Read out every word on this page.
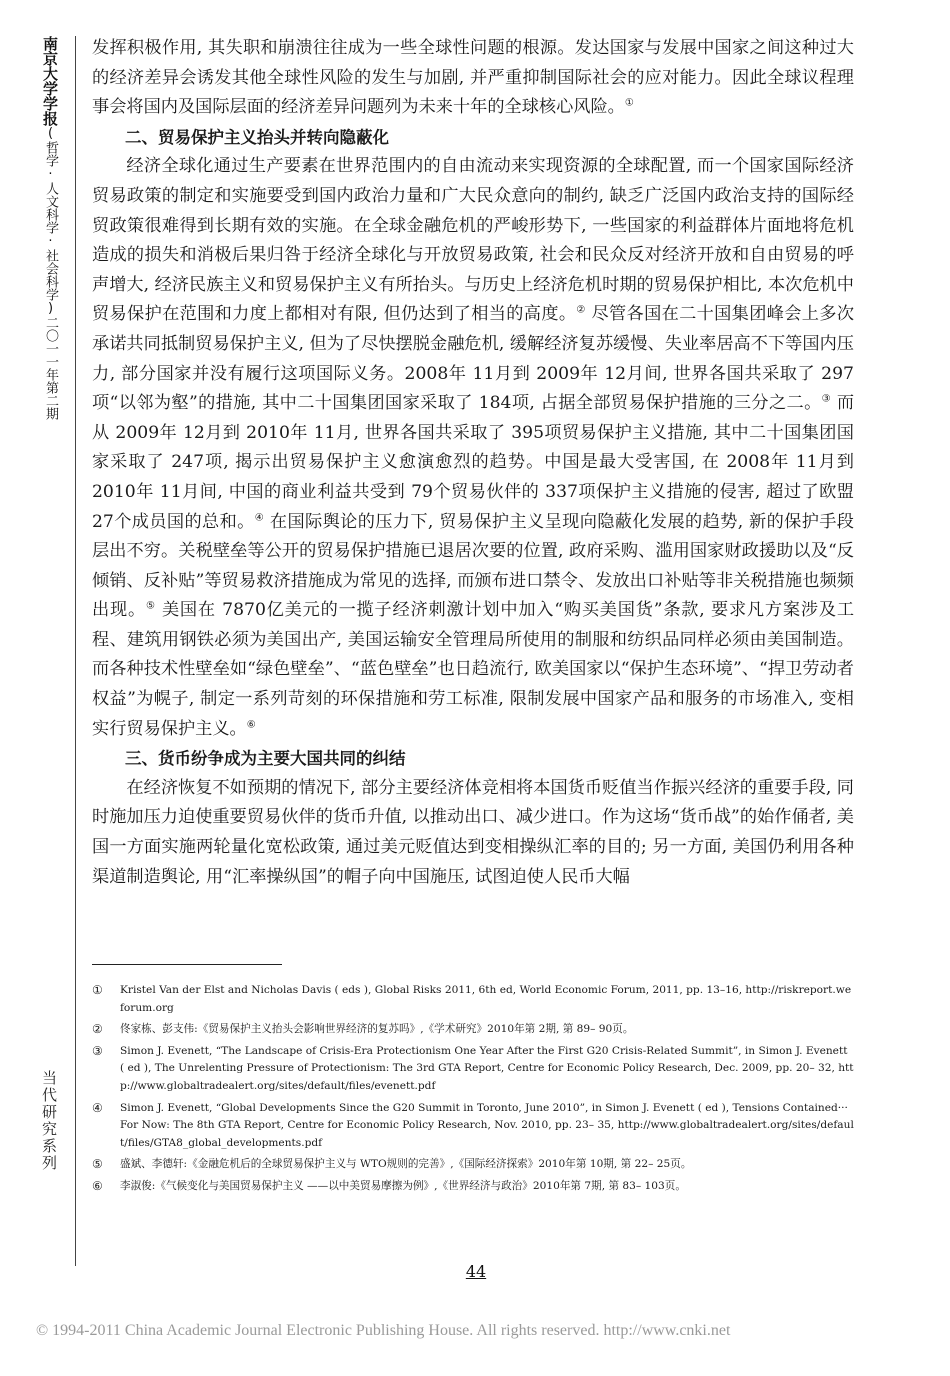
南京大学学报(哲学·人文科学·社会科学)二〇一一年第二期
当代研究系列

发挥积极作用, 其失职和崩溃往往成为一些全球性问题的根源。发达国家与发展中国家之间这种过大的经济差异会诱发其他全球性风险的发生与加剧, 并严重抑制国际社会的应对能力。因此全球议程理事会将国内及国际层面的经济差异问题列为未来十年的全球核心风险。①

二、贸易保护主义抬头并转向隐蔽化

经济全球化通过生产要素在世界范围内的自由流动来实现资源的全球配置, 而一个国家国际经济贸易政策的制定和实施要受到国内政治力量和广大民众意向的制约, 缺乏广泛国内政治支持的国际经贸政策很难得到长期有效的实施。在全球金融危机的严峻形势下, 一些国家的利益群体片面地将危机造成的损失和消极后果归咎于经济全球化与开放贸易政策, 社会和民众反对经济开放和自由贸易的呼声增大, 经济民族主义和贸易保护主义有所抬头。与历史上经济危机时期的贸易保护相比, 本次危机中贸易保护在范围和力度上都相对有限, 但仍达到了相当的高度。② 尽管各国在二十国集团峰会上多次承诺共同抵制贸易保护主义, 但为了尽快摆脱金融危机, 缓解经济复苏缓慢、失业率居高不下等国内压力, 部分国家并没有履行这项国际义务。2008年 11月到 2009年 12月间, 世界各国共采取了 297项“以邻为壑”的措施, 其中二十国集团国家采取了 184项, 占据全部贸易保护措施的三分之二。③ 而从 2009年 12月到 2010年 11月, 世界各国共采取了 395项贸易保护主义措施, 其中二十国集团国家采取了 247项, 揭示出贸易保护主义愈演愈烈的趋势。中国是最大受害国, 在 2008年 11月到 2010年 11月间, 中国的商业利益共受到 79个贸易伙伴的 337项保护主义措施的侵害, 超过了欧盟 27个成员国的总和。④ 在国际舆论的压力下, 贸易保护主义呈现向隐蔽化发展的趋势, 新的保护手段层出不穷。关税壁垒等公开的贸易保护措施已退居次要的位置, 政府采购、滥用国家财政援助以及“反倾销、反补贴”等贸易救济措施成为常见的选择, 而颁布进口禁令、发放出口补贴等非关税措施也频频出现。⑤ 美国在 7870亿美元的一揽子经济刺激计划中加入“购买美国货”条款, 要求凡方案涉及工程、建筑用钢铁必须为美国出产, 美国运输安全管理局所使用的制服和纺织品同样必须由美国制造。而各种技术性壁垒如“绿色壁垒”、“蓝色壁垒”也日趋流行, 欧美国家以“保护生态环境”、“捍卫劳动者权益”为幌子, 制定一系列苛刻的环保措施和劳工标准, 限制发展中国家产品和服务的市场准入, 变相实行贸易保护主义。⑥

三、货币纷争成为主要大国共同的纠结

在经济恢复不如预期的情况下, 部分主要经济体竞相将本国货币贬值当作振兴经济的重要手段, 同时施加压力迫使重要贸易伙伴的货币升值, 以推动出口、减少进口。作为这场“货币战”的始作俑者, 美国一方面实施两轮量化宽松政策, 通过美元贬值达到变相操纵汇率的目的; 另一方面, 美国仍利用各种渠道制造舆论, 用“汇率操纵国”的帽子向中国施压, 试图迫使人民币大幅

①	Kristel Van der Elst and Nicholas Davis ( eds ), Global Risks 2011, 6th ed, World Economic Forum, 2011, pp. 13–16, http://riskreport.weforum.org
②	佟家栋、彭支伟:《贸易保护主义抬头会影响世界经济的复苏吗》,《学术研究》2010年第 2期, 第 89– 90页。
③	Simon J. Evenett, “The Landscape of Crisis-Era Protectionism One Year After the First G20 Crisis-Related Summit”, in Simon J. Evenett ( ed ), The Unrelenting Pressure of Protectionism: The 3rd GTA Report, Centre for Economic Policy Research, Dec. 2009, pp. 20– 32, http://www.globaltradealert.org/sites/default/files/evenett.pdf
④	Simon J. Evenett, “Global Developments Since the G20 Summit in Toronto, June 2010”, in Simon J. Evenett ( ed ), Tensions Contained··· For Now: The 8th GTA Report, Centre for Economic Policy Research, Nov. 2010, pp. 23– 35, http://www.globaltradealert.org/sites/default/files/GTA8_global_developments.pdf
⑤	盛斌、李德轩:《金融危机后的全球贸易保护主义与 WTO规则的完善》,《国际经济探索》2010年第 10期, 第 22– 25页。
⑥	李淑俊:《气候变化与美国贸易保护主义 ——以中美贸易摩擦为例》,《世界经济与政治》2010年第 7期, 第 83– 103页。
44
© 1994-2011 China Academic Journal Electronic Publishing House. All rights reserved. http://www.cnki.net
